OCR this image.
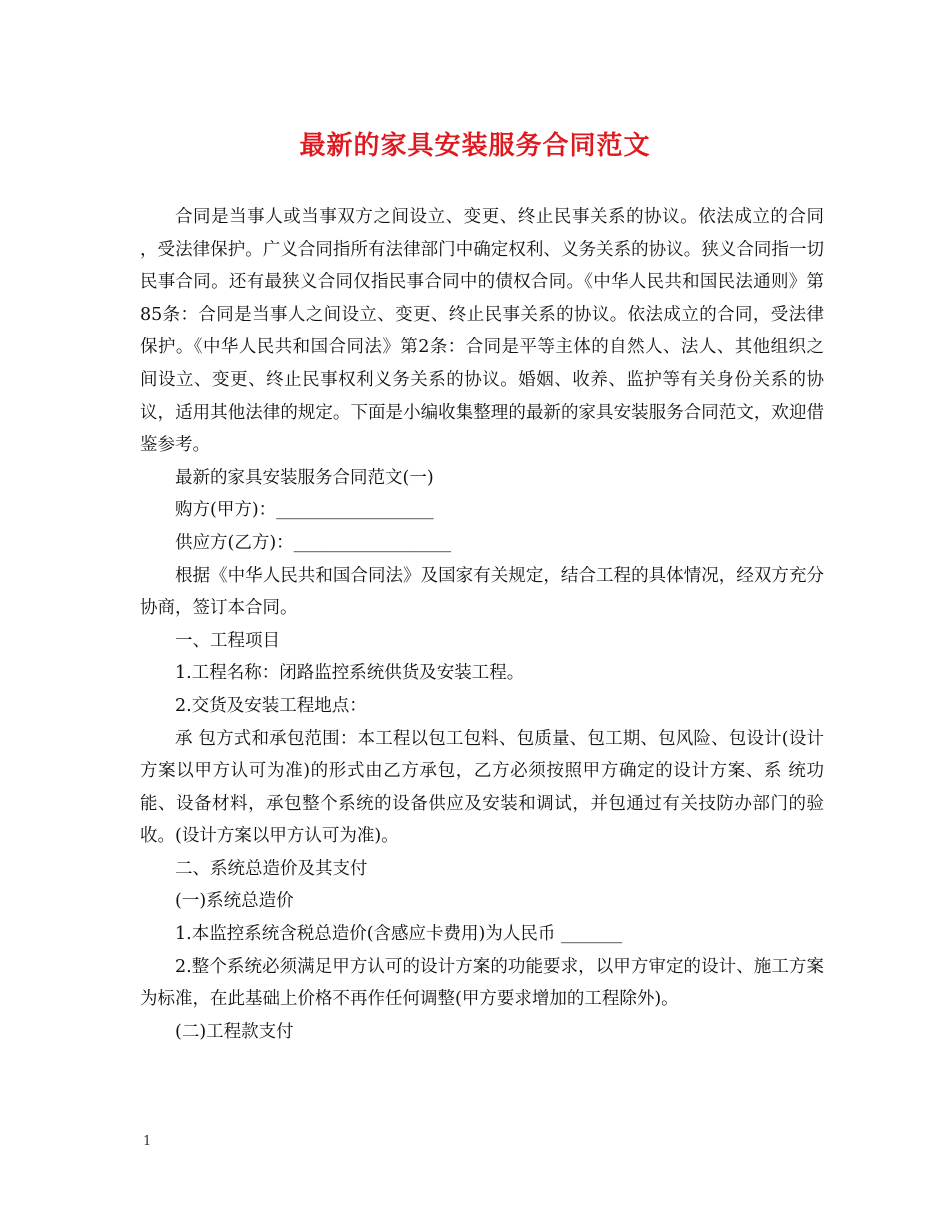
最新的家具安装服务合同范文

合同是当事人或当事双方之间设立、变更、终止民事关系的协议。依法成立的合同 ，受法律保护。广义合同指所有法律部门中确定权利、义务关系的协议。狭义合同指一切民事合同。还有最狭义合同仅指民事合同中的债权合同。《中华人民共和国民法通则》第85条：合同是当事人之间设立、变更、终止民事关系的协议。依法成立的合同，受法律保护。《中华人民共和国合同法》第2条：合同是平等主体的自然人、法人、其他组织之间设立、变更、终止民事权利义务关系的协议。婚姻、收养、监护等有关身份关系的协议，适用其他法律的规定。下面是小编收集整理的最新的家具安装服务合同范文，欢迎借鉴参考。

最新的家具安装服务合同范文(一)

购方(甲方)：__________________

供应方(乙方)：__________________

根据《中华人民共和国合同法》及国家有关规定，结合工程的具体情况，经双方充分协商，签订本合同。

一、工程项目

1.工程名称：闭路监控系统供货及安装工程。

2.交货及安装工程地点：

承 包方式和承包范围：本工程以包工包料、包质量、包工期、包风险、包设计(设计方案以甲方认可为准)的形式由乙方承包，乙方必须按照甲方确定的设计方案、系 统功能、设备材料，承包整个系统的设备供应及安装和调试，并包通过有关技防办部门的验收。(设计方案以甲方认可为准)。

二、系统总造价及其支付

(一)系统总造价

1.本监控系统含税总造价(含感应卡费用)为人民币 _______

2.整个系统必须满足甲方认可的设计方案的功能要求，以甲方审定的设计、施工方案为标准，在此基础上价格不再作任何调整(甲方要求增加的工程除外)。

(二)工程款支付

1
